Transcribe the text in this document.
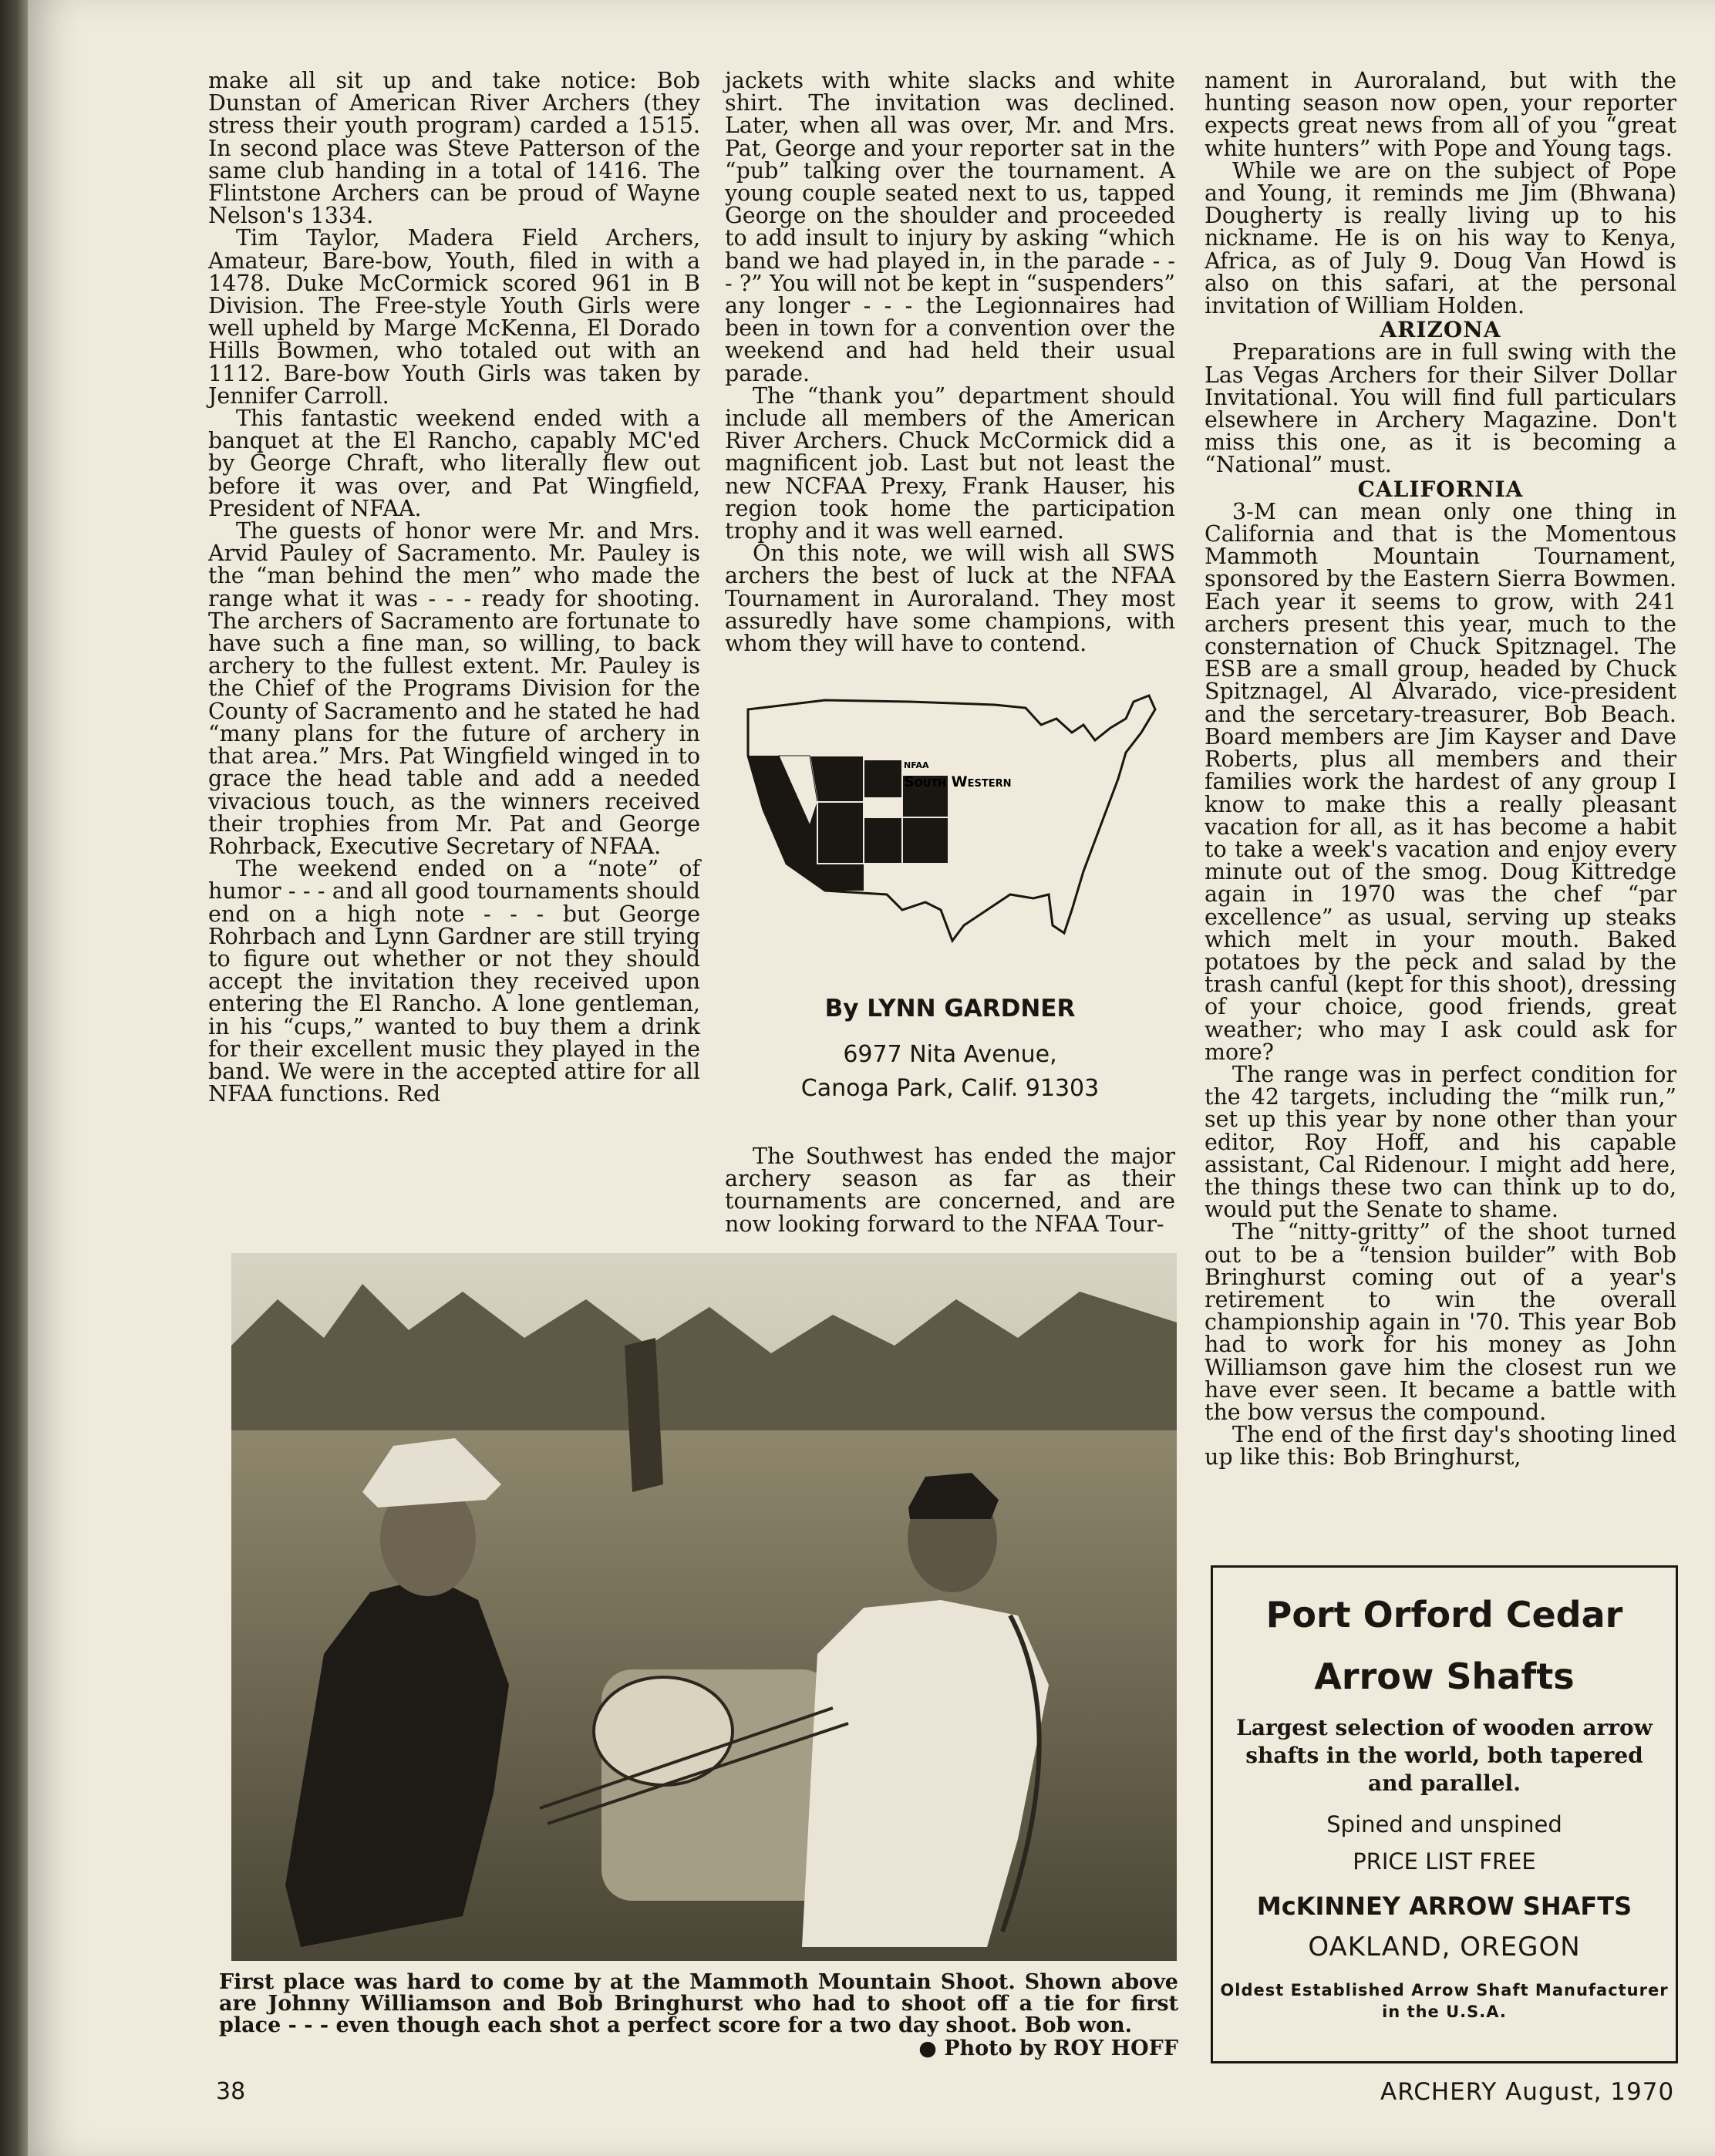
make all sit up and take notice: Bob Dunstan of American River Archers (they stress their youth program) carded a 1515. In second place was Steve Patterson of the same club handing in a total of 1416. The Flintstone Archers can be proud of Wayne Nelson's 1334.

Tim Taylor, Madera Field Archers, Amateur, Bare-bow, Youth, filed in with a 1478. Duke McCormick scored 961 in B Division. The Free-style Youth Girls were well upheld by Marge McKenna, El Dorado Hills Bowmen, who totaled out with an 1112. Bare-bow Youth Girls was taken by Jennifer Carroll.

This fantastic weekend ended with a banquet at the El Rancho, capably MC'ed by George Chraft, who literally flew out before it was over, and Pat Wingfield, President of NFAA.

The guests of honor were Mr. and Mrs. Arvid Pauley of Sacramento. Mr. Pauley is the “man behind the men” who made the range what it was - - - ready for shooting. The archers of Sacramento are fortunate to have such a fine man, so willing, to back archery to the fullest extent. Mr. Pauley is the Chief of the Programs Division for the County of Sacramento and he stated he had “many plans for the future of archery in that area.” Mrs. Pat Wingfield winged in to grace the head table and add a needed vivacious touch, as the winners received their trophies from Mr. Pat and George Rohrback, Executive Secretary of NFAA.

The weekend ended on a “note” of humor - - - and all good tournaments should end on a high note - - - but George Rohrbach and Lynn Gardner are still trying to figure out whether or not they should accept the invitation they received upon entering the El Rancho. A lone gentleman, in his “cups,” wanted to buy them a drink for their excellent music they played in the band. We were in the accepted attire for all NFAA functions. Red

jackets with white slacks and white shirt. The invitation was declined. Later, when all was over, Mr. and Mrs. Pat, George and your reporter sat in the “pub” talking over the tournament. A young couple seated next to us, tapped George on the shoulder and proceeded to add insult to injury by asking “which band we had played in, in the parade - - - ?” You will not be kept in “suspenders” any longer - - - the Legionnaires had been in town for a convention over the weekend and had held their usual parade.

The “thank you” department should include all members of the American River Archers. Chuck McCormick did a magnificent job. Last but not least the new NCFAA Prexy, Frank Hauser, his region took home the participation trophy and it was well earned.

On this note, we will wish all SWS archers the best of luck at the NFAA Tournament in Auroraland. They most assuredly have some champions, with whom they will have to contend.

NFAA
South Western
By LYNN GARDNER
6977 Nita Avenue,
Canoga Park, Calif. 91303

The Southwest has ended the major archery season as far as their tournaments are concerned, and are now looking forward to the NFAA Tour-

nament in Auroraland, but with the hunting season now open, your reporter expects great news from all of you “great white hunters” with Pope and Young tags.

While we are on the subject of Pope and Young, it reminds me Jim (Bhwana) Dougherty is really living up to his nickname. He is on his way to Kenya, Africa, as of July 9. Doug Van Howd is also on this safari, at the personal invitation of William Holden.

ARIZONA

Preparations are in full swing with the Las Vegas Archers for their Silver Dollar Invitational. You will find full particulars elsewhere in Archery Magazine. Don't miss this one, as it is becoming a “National” must.

CALIFORNIA

3-M can mean only one thing in California and that is the Momentous Mammoth Mountain Tournament, sponsored by the Eastern Sierra Bowmen. Each year it seems to grow, with 241 archers present this year, much to the consternation of Chuck Spitznagel. The ESB are a small group, headed by Chuck Spitznagel, Al Alvarado, vice-president and the sercetary-treasurer, Bob Beach. Board members are Jim Kayser and Dave Roberts, plus all members and their families work the hardest of any group I know to make this a really pleasant vacation for all, as it has become a habit to take a week's vacation and enjoy every minute out of the smog. Doug Kittredge again in 1970 was the chef “par excellence” as usual, serving up steaks which melt in your mouth. Baked potatoes by the peck and salad by the trash canful (kept for this shoot), dressing of your choice, good friends, great weather; who may I ask could ask for more?

The range was in perfect condition for the 42 targets, including the “milk run,” set up this year by none other than your editor, Roy Hoff, and his capable assistant, Cal Ridenour. I might add here, the things these two can think up to do, would put the Senate to shame.

The “nitty-gritty” of the shoot turned out to be a “tension builder” with Bob Bringhurst coming out of a year's retirement to win the overall championship again in '70. This year Bob had to work for his money as John Williamson gave him the closest run we have ever seen. It became a battle with the bow versus the compound.

The end of the first day's shooting lined up like this: Bob Bringhurst,

First place was hard to come by at the Mammoth Mountain Shoot. Shown above are Johnny Williamson and Bob Bringhurst who had to shoot off a tie for first place - - - even though each shot a perfect score for a two day shoot. Bob won.
● Photo by ROY HOFF
Port Orford Cedar
Arrow Shafts
Largest selection of wooden arrow shafts in the world, both tapered and parallel.
Spined and unspined
PRICE LIST FREE
McKINNEY ARROW SHAFTS
OAKLAND, OREGON
Oldest Established Arrow Shaft Manufacturer in the U.S.A.
38	ARCHERY August, 1970
